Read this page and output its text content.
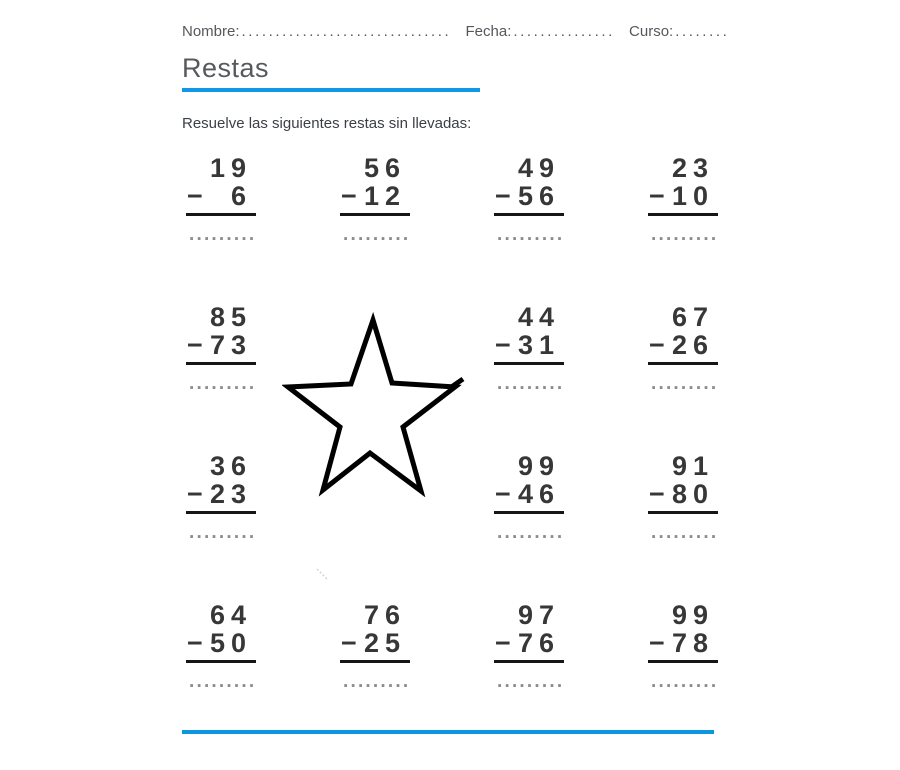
Nombre: ............................... Fecha: ............... Curso: ........
Restas

Resuelve las siguientes restas sin llevadas:

19
− 6
.........
56
− 12
.........
49
− 56
.........
23
− 10
.........
85
− 73
.........
44
− 31
.........
67
− 26
.........
36
− 23
.........
99
− 46
.........
91
− 80
.........
64
− 50
.........
76
− 25
.........
97
− 76
.........
99
− 78
.........
